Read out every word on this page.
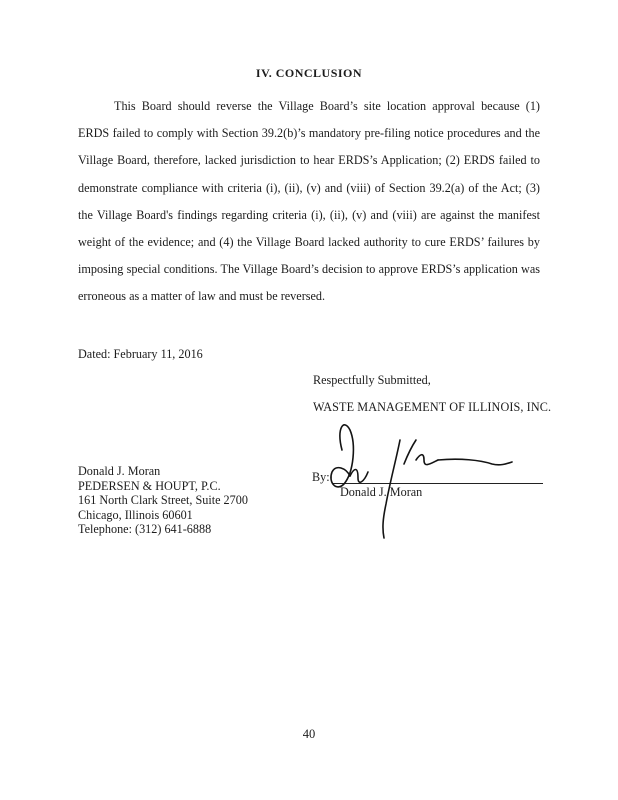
IV. CONCLUSION

This Board should reverse the Village Board’s site location approval because (1) ERDS failed to comply with Section 39.2(b)’s mandatory pre-filing notice procedures and the Village Board, therefore, lacked jurisdiction to hear ERDS’s Application; (2) ERDS failed to demonstrate compliance with criteria (i), (ii), (v) and (viii) of Section 39.2(a) of the Act; (3) the Village Board's findings regarding criteria (i), (ii), (v) and (viii) are against the manifest weight of the evidence; and (4) the Village Board lacked authority to cure ERDS’ failures by imposing special conditions. The Village Board’s decision to approve ERDS’s application was erroneous as a matter of law and must be reversed.

Dated: February 11, 2016
Respectfully Submitted,
WASTE MANAGEMENT OF ILLINOIS, INC.
Donald J. Moran
PEDERSEN & HOUPT, P.C.
161 North Clark Street, Suite 2700
Chicago, Illinois 60601
Telephone: (312) 641-6888
By:
Donald J. Moran
40
